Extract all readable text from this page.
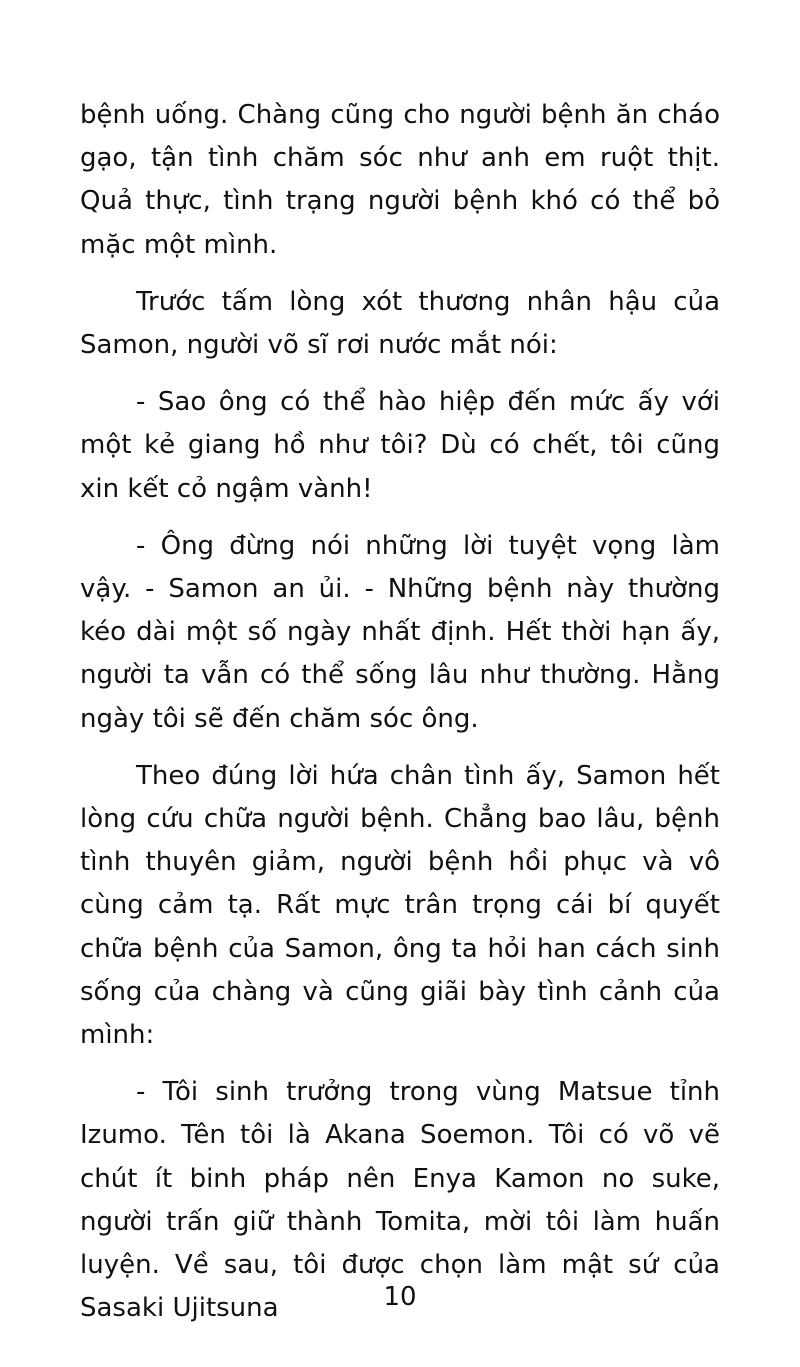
bệnh uống. Chàng cũng cho người bệnh ăn cháo gạo, tận tình chăm sóc như anh em ruột thịt. Quả thực, tình trạng người bệnh khó có thể bỏ mặc một mình.

Trước tấm lòng xót thương nhân hậu của Samon, người võ sĩ rơi nước mắt nói:

- Sao ông có thể hào hiệp đến mức ấy với một kẻ giang hồ như tôi? Dù có chết, tôi cũng xin kết cỏ ngậm vành!

- Ông đừng nói những lời tuyệt vọng làm vậy. - Samon an ủi. - Những bệnh này thường kéo dài một số ngày nhất định. Hết thời hạn ấy, người ta vẫn có thể sống lâu như thường. Hằng ngày tôi sẽ đến chăm sóc ông.

Theo đúng lời hứa chân tình ấy, Samon hết lòng cứu chữa người bệnh. Chẳng bao lâu, bệnh tình thuyên giảm, người bệnh hồi phục và vô cùng cảm tạ. Rất mực trân trọng cái bí quyết chữa bệnh của Samon, ông ta hỏi han cách sinh sống của chàng và cũng giãi bày tình cảnh của mình:

- Tôi sinh trưởng trong vùng Matsue tỉnh Izumo. Tên tôi là Akana Soemon. Tôi có võ vẽ chút ít binh pháp nên Enya Kamon no suke, người trấn giữ thành Tomita, mời tôi làm huấn luyện. Về sau, tôi được chọn làm mật sứ của Sasaki Ujitsuna	10
